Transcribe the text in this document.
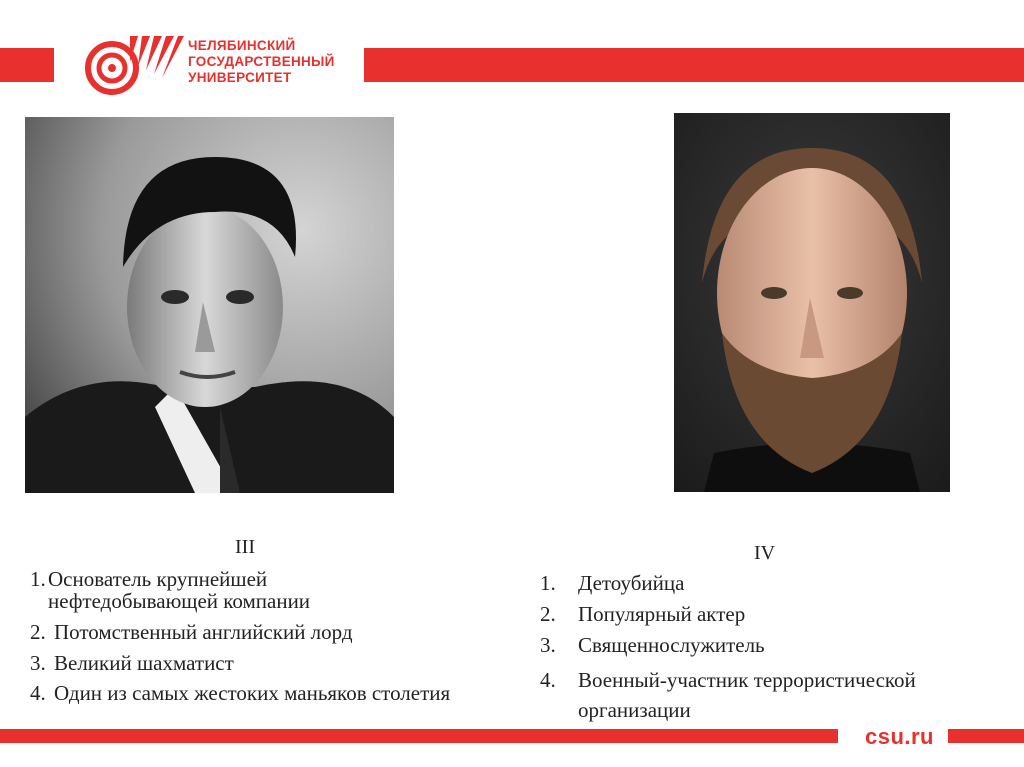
ЧЕЛЯБИНСКИЙ
ГОСУДАРСТВЕННЫЙ
УНИВЕРСИТЕТ
III
1. Основатель крупнейшей нефтедобывающей компании
2. Потомственный английский лорд
3. Великий шахматист
4. Один из самых жестоких маньяков столетия
IV
1. Детоубийца
2. Популярный актер
3. Священнослужитель
4. Военный-участник террористической организации
csu.ru
